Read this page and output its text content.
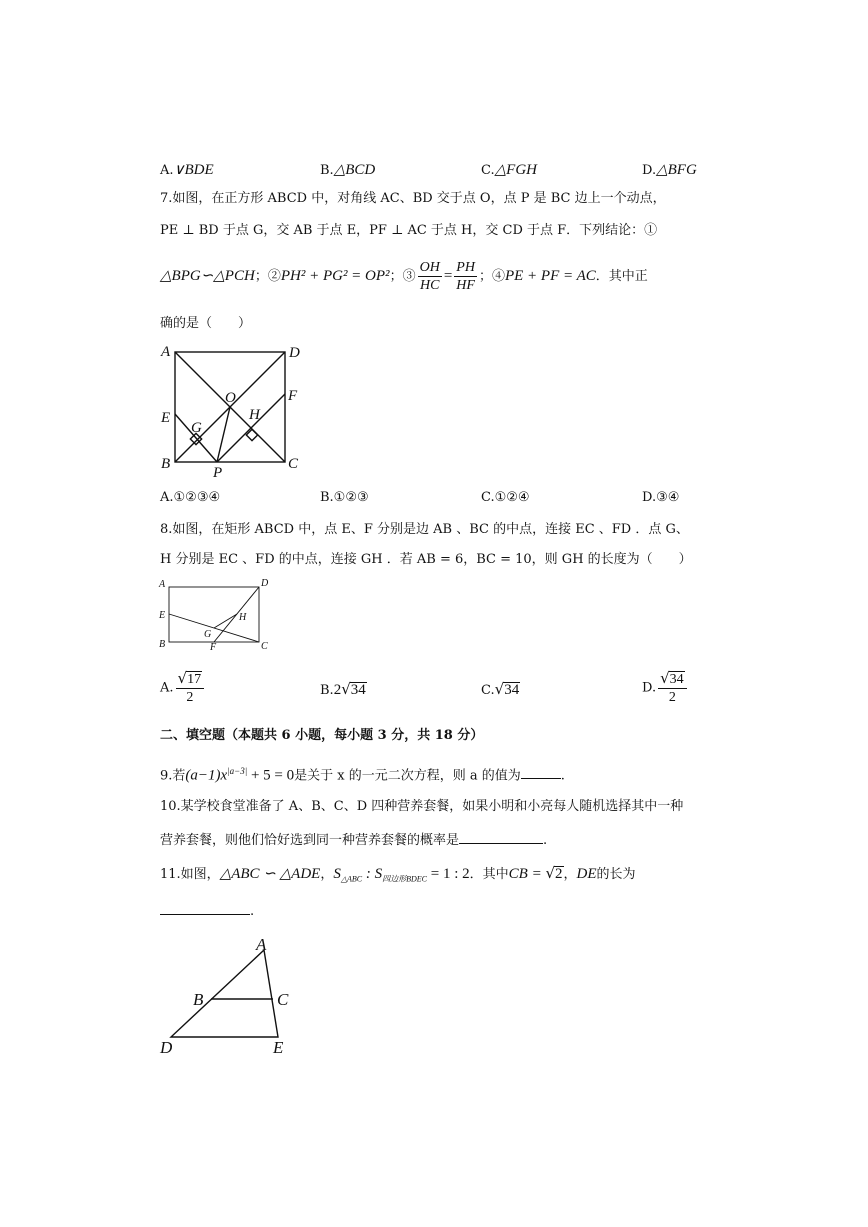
A.∨BDE	B.△BCD	C.△FGH	D.△BFG
7.如图，在正方形 ABCD 中，对角线 AC、BD 交于点 O，点 P 是 BC 边上一个动点，
PE ⊥ BD 于点 G，交 AB 于点 E，PF ⊥ AC 于点 H，交 CD 于点 F．下列结论：①
△BPG∽△PCH；②PH² + PG² = OP²；③ $\frac{OH}{HC} = \frac{PH}{HF}$ ；④PE + PF = AC．其中正
确的是（　　）
A	D
B	C
E
F
G
H
O
P
A.①②③④	B.①②③	C.①②④	D.③④
8.如图，在矩形 ABCD 中，点 E、F 分别是边 AB 、BC 的中点，连接 EC 、FD ．点 G、
H 分别是 EC 、FD 的中点，连接 GH ．若 AB = 6，BC = 10，则 GH 的长度为（　　）
A	D
B	C
E
F
G
H
A. $\frac{√17}{2}$	B.2√34	C.√34	D. $\frac{√34}{2}$
二、填空题（本题共 6 小题，每小题 3 分，共 18 分）
9.若$(a-1)x^{|a-3|} + 5 = 0$是关于 x 的一元二次方程，则 a 的值为	.
10.某学校食堂准备了 A、B、C、D 四种营养套餐，如果小明和小亮每人随机选择其中一种
营养套餐，则他们恰好选到同一种营养套餐的概率是	.
11.如图，△ABC ∽ △ADE，$S_{\triangle ABC}$ : $S_{四边形BDEC} = 1$ : 2．其中CB = √2，DE的长为
.
A
B	C
D	E
